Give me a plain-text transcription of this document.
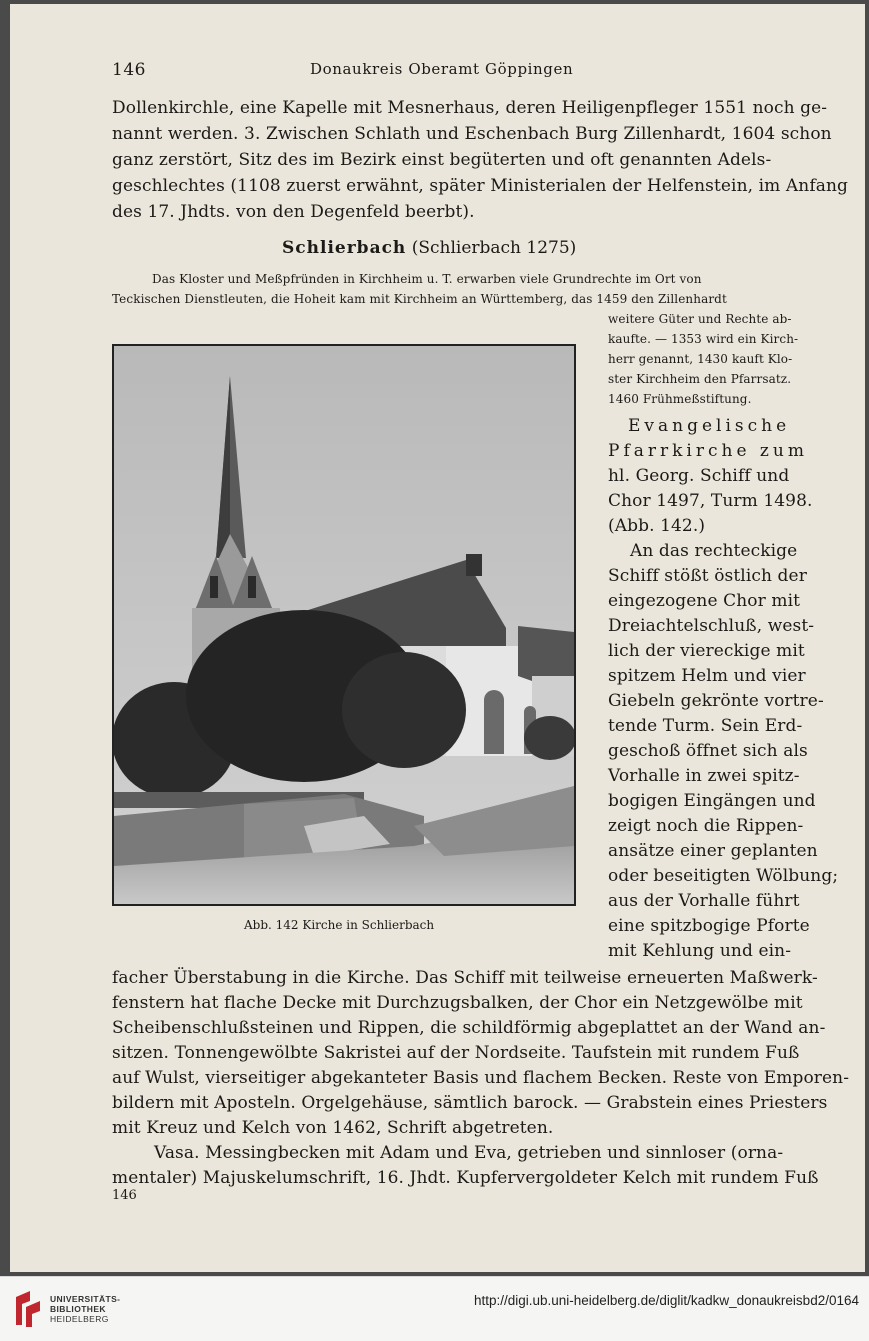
146	Donaukreis Oberamt Göppingen
Dollenkirchle, eine Kapelle mit Mesnerhaus, deren Heiligenpfleger 1551 noch ge-
nannt werden. 3. Zwischen Schlath und Eschenbach Burg Zillenhardt, 1604 schon
ganz zerstört, Sitz des im Bezirk einst begüterten und oft genannten Adels-
geschlechtes (1108 zuerst erwähnt, später Ministerialen der Helfenstein, im Anfang
des 17. Jhdts. von den Degenfeld beerbt).
Schlierbach (Schlierbach 1275)
Das Kloster und Meßpfründen in Kirchheim u. T. erwarben viele Grundrechte im Ort von
Teckischen Dienstleuten, die Hoheit kam mit Kirchheim an Württemberg, das 1459 den Zillenhardt
weitere Güter und Rechte ab-
kaufte. — 1353 wird ein Kirch-
herr genannt, 1430 kauft Klo-
ster Kirchheim den Pfarrsatz.
1460 Frühmeßstiftung.
Evangelische
Pfarrkirche zum
hl. Georg. Schiff und
Chor 1497, Turm 1498.
(Abb. 142.)
An das rechteckige
Schiff stößt östlich der
eingezogene Chor mit
Dreiachtelschluß, west-
lich der viereckige mit
spitzem Helm und vier
Giebeln gekrönte vortre-
tende Turm. Sein Erd-
geschoß öffnet sich als
Vorhalle in zwei spitz-
bogigen Eingängen und
zeigt noch die Rippen-
ansätze einer geplanten
oder beseitigten Wölbung;
aus der Vorhalle führt
eine spitzbogige Pforte
mit Kehlung und ein-
Abb. 142 Kirche in Schlierbach
facher Überstabung in die Kirche. Das Schiff mit teilweise erneuerten Maßwerk-
fenstern hat flache Decke mit Durchzugsbalken, der Chor ein Netzgewölbe mit
Scheibenschlußsteinen und Rippen, die schildförmig abgeplattet an der Wand an-
sitzen. Tonnengewölbte Sakristei auf der Nordseite. Taufstein mit rundem Fuß
auf Wulst, vierseitiger abgekanteter Basis und flachem Becken. Reste von Emporen-
bildern mit Aposteln. Orgelgehäuse, sämtlich barock. — Grabstein eines Priesters
mit Kreuz und Kelch von 1462, Schrift abgetreten.
Vasa. Messingbecken mit Adam und Eva, getrieben und sinnloser (orna-
mentaler) Majuskelumschrift, 16. Jhdt. Kupfervergoldeter Kelch mit rundem Fuß
146
UNIVERSITÄTS-
BIBLIOTHEK
HEIDELBERG
http://digi.ub.uni-heidelberg.de/diglit/kadkw_donaukreisbd2/0164
